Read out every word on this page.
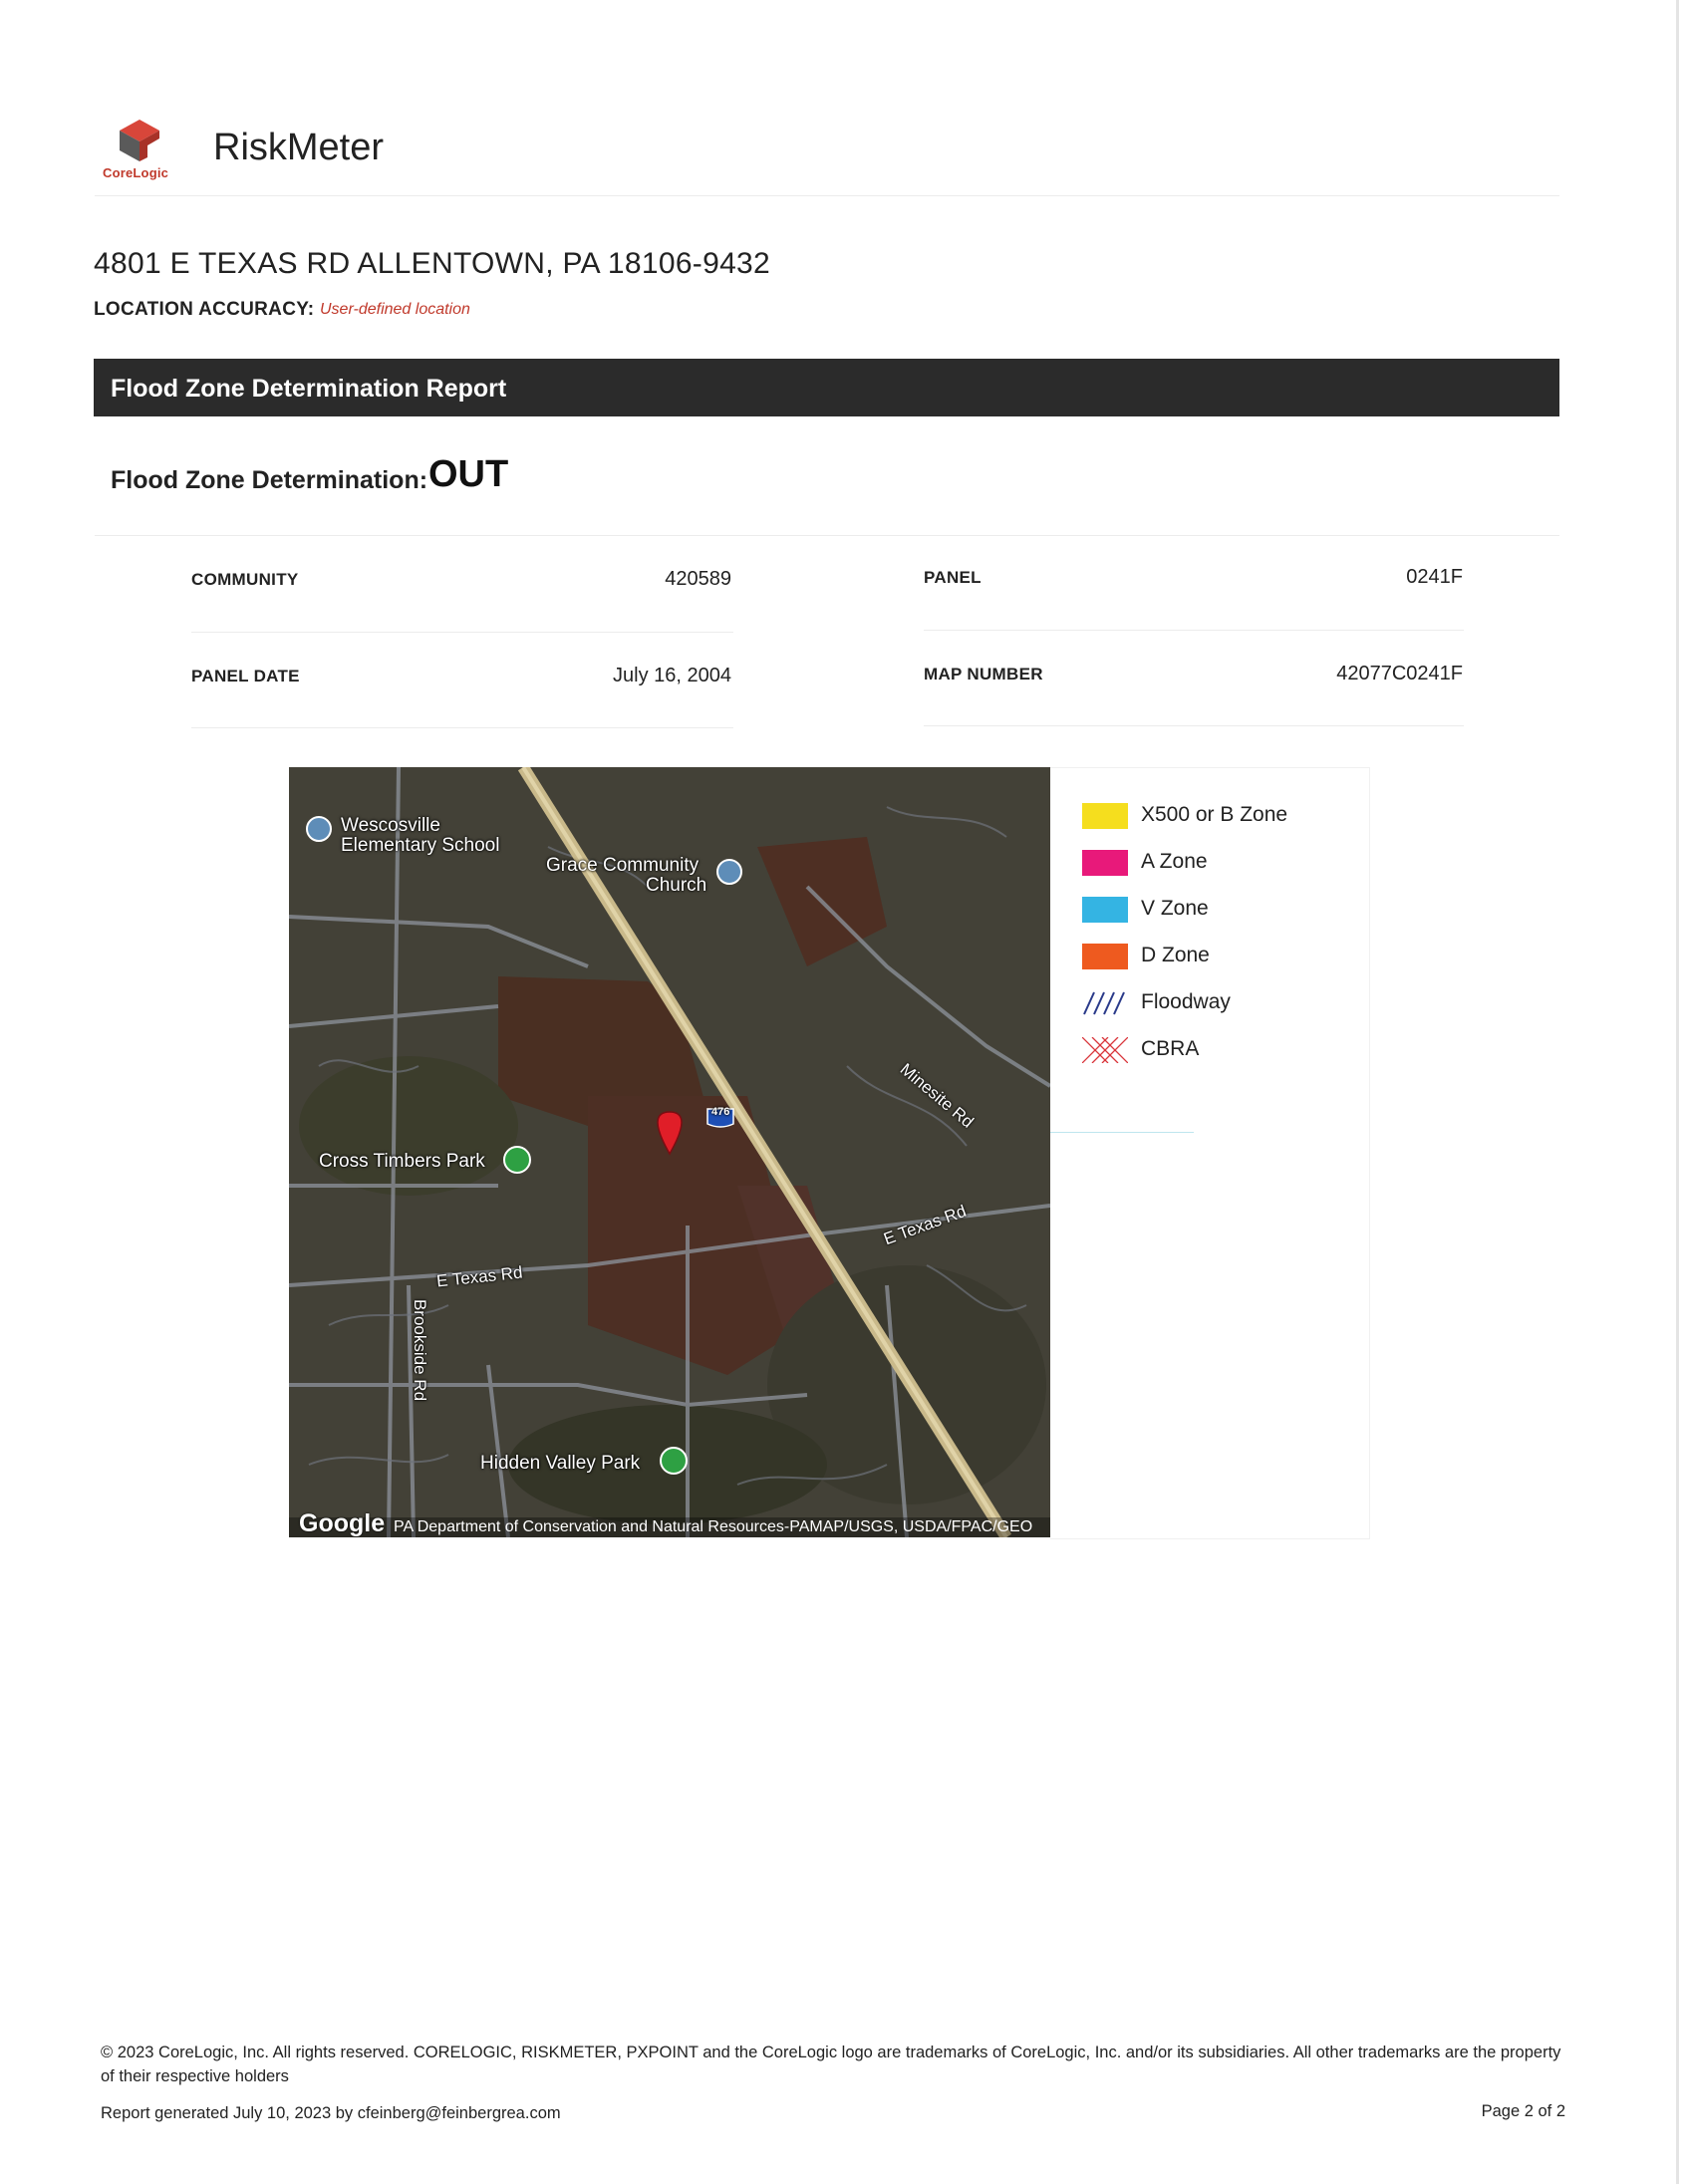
CoreLogic
RiskMeter
4801 E TEXAS RD ALLENTOWN, PA 18106-9432
LOCATION ACCURACY: User-defined location
Flood Zone Determination Report
Flood Zone Determination: OUT
COMMUNITY	420589	PANEL	0241F
PANEL DATE	July 16, 2004	MAP NUMBER	42077C0241F
Wescosville
Elementary School
Grace Community
Church
Cross Timbers Park
Hidden Valley Park
Minesite Rd
E Texas Rd
E Texas Rd
Brookside Rd
476
Google PA Department of Conservation and Natural Resources-PAMAP/USGS, USDA/FPAC/GEO
X500 or B Zone
A Zone
V Zone
D Zone
Floodway
CBRA
© 2023 CoreLogic, Inc. All rights reserved. CORELOGIC, RISKMETER, PXPOINT and the CoreLogic logo are trademarks of CoreLogic, Inc. and/or its subsidiaries. All other trademarks are the property of their respective holders
Report generated July 10, 2023 by cfeinberg@feinbergrea.com	Page 2 of 2
